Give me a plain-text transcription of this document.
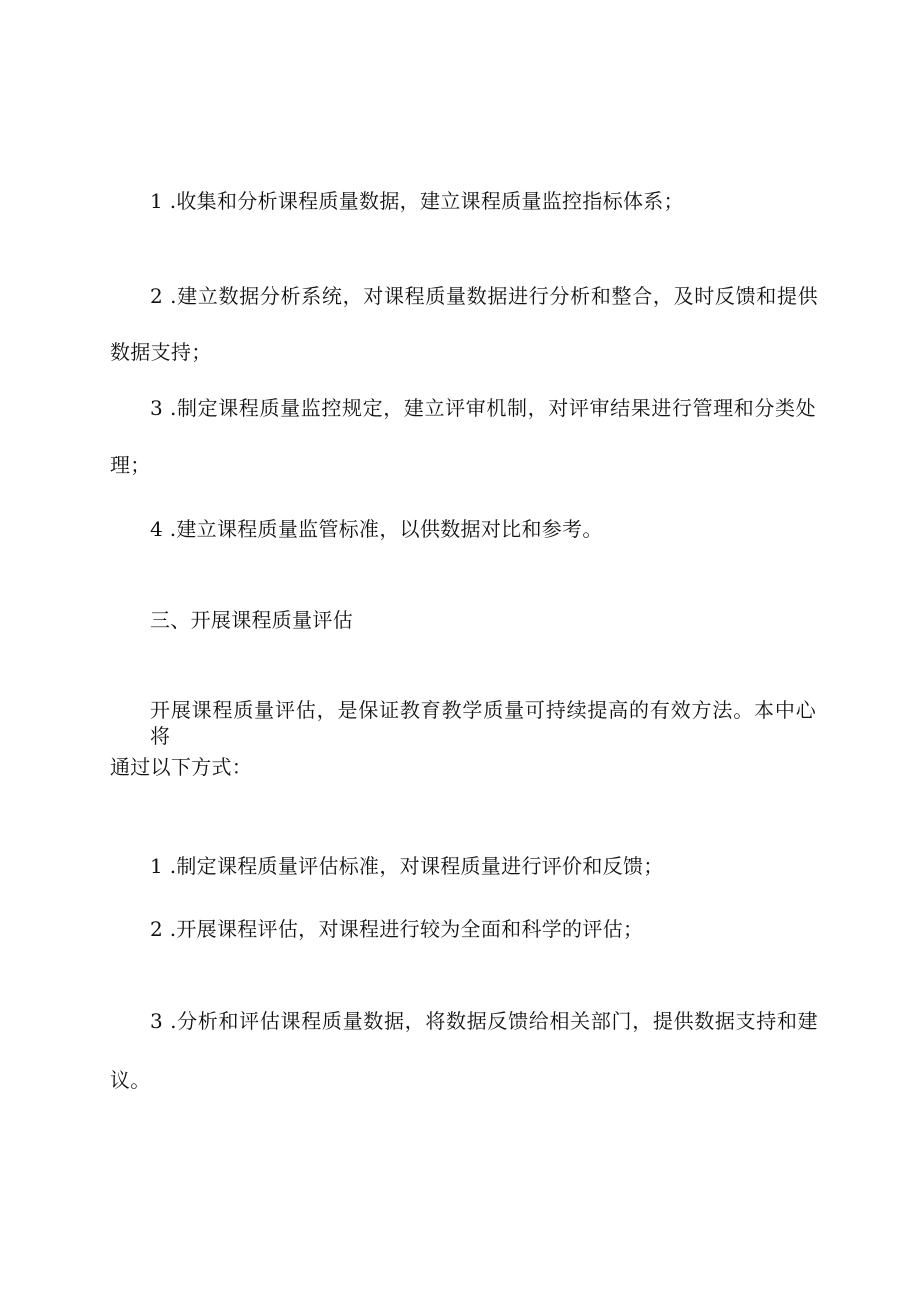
1 .收集和分析课程质量数据，建立课程质量监控指标体系；
2 .建立数据分析系统，对课程质量数据进行分析和整合，及时反馈和提供
数据支持；
3 .制定课程质量监控规定，建立评审机制，对评审结果进行管理和分类处
理；
4 .建立课程质量监管标准，以供数据对比和参考。
三、开展课程质量评估
开展课程质量评估，是保证教育教学质量可持续提高的有效方法。本中心将
通过以下方式：
1 .制定课程质量评估标准，对课程质量进行评价和反馈；
2 .开展课程评估，对课程进行较为全面和科学的评估；
3 .分析和评估课程质量数据，将数据反馈给相关部门，提供数据支持和建
议。
